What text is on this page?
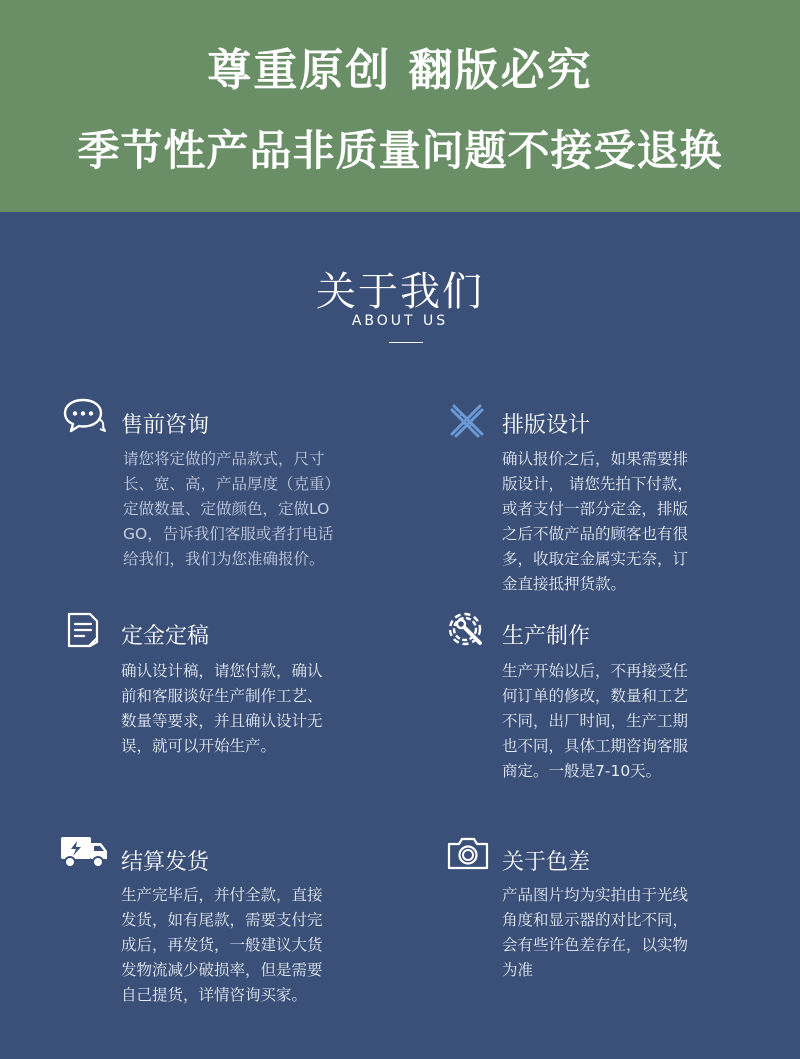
尊重原创 翻版必究
季节性产品非质量问题不接受退换
关于我们
ABOUT US
售前咨询
请您将定做的产品款式，尺寸
长、宽、高，产品厚度（克重）
定做数量、定做颜色，定做LO
GO，告诉我们客服或者打电话
给我们，我们为您准确报价。
排版设计
确认报价之后，如果需要排
版设计， 请您先拍下付款，
或者支付一部分定金，排版
之后不做产品的顾客也有很
多，收取定金属实无奈，订
金直接抵押货款。
定金定稿
确认设计稿，请您付款，确认
前和客服谈好生产制作工艺、
数量等要求，并且确认设计无
误，就可以开始生产。
生产制作
生产开始以后，不再接受任
何订单的修改，数量和工艺
不同，出厂时间，生产工期
也不同，具体工期咨询客服
商定。一般是7-10天。
结算发货
生产完毕后，并付全款，直接
发货，如有尾款，需要支付完
成后，再发货，一般建议大货
发物流减少破损率，但是需要
自己提货，详情咨询买家。
关于色差
产品图片均为实拍由于光线
角度和显示器的对比不同，
会有些许色差存在，以实物
为准
